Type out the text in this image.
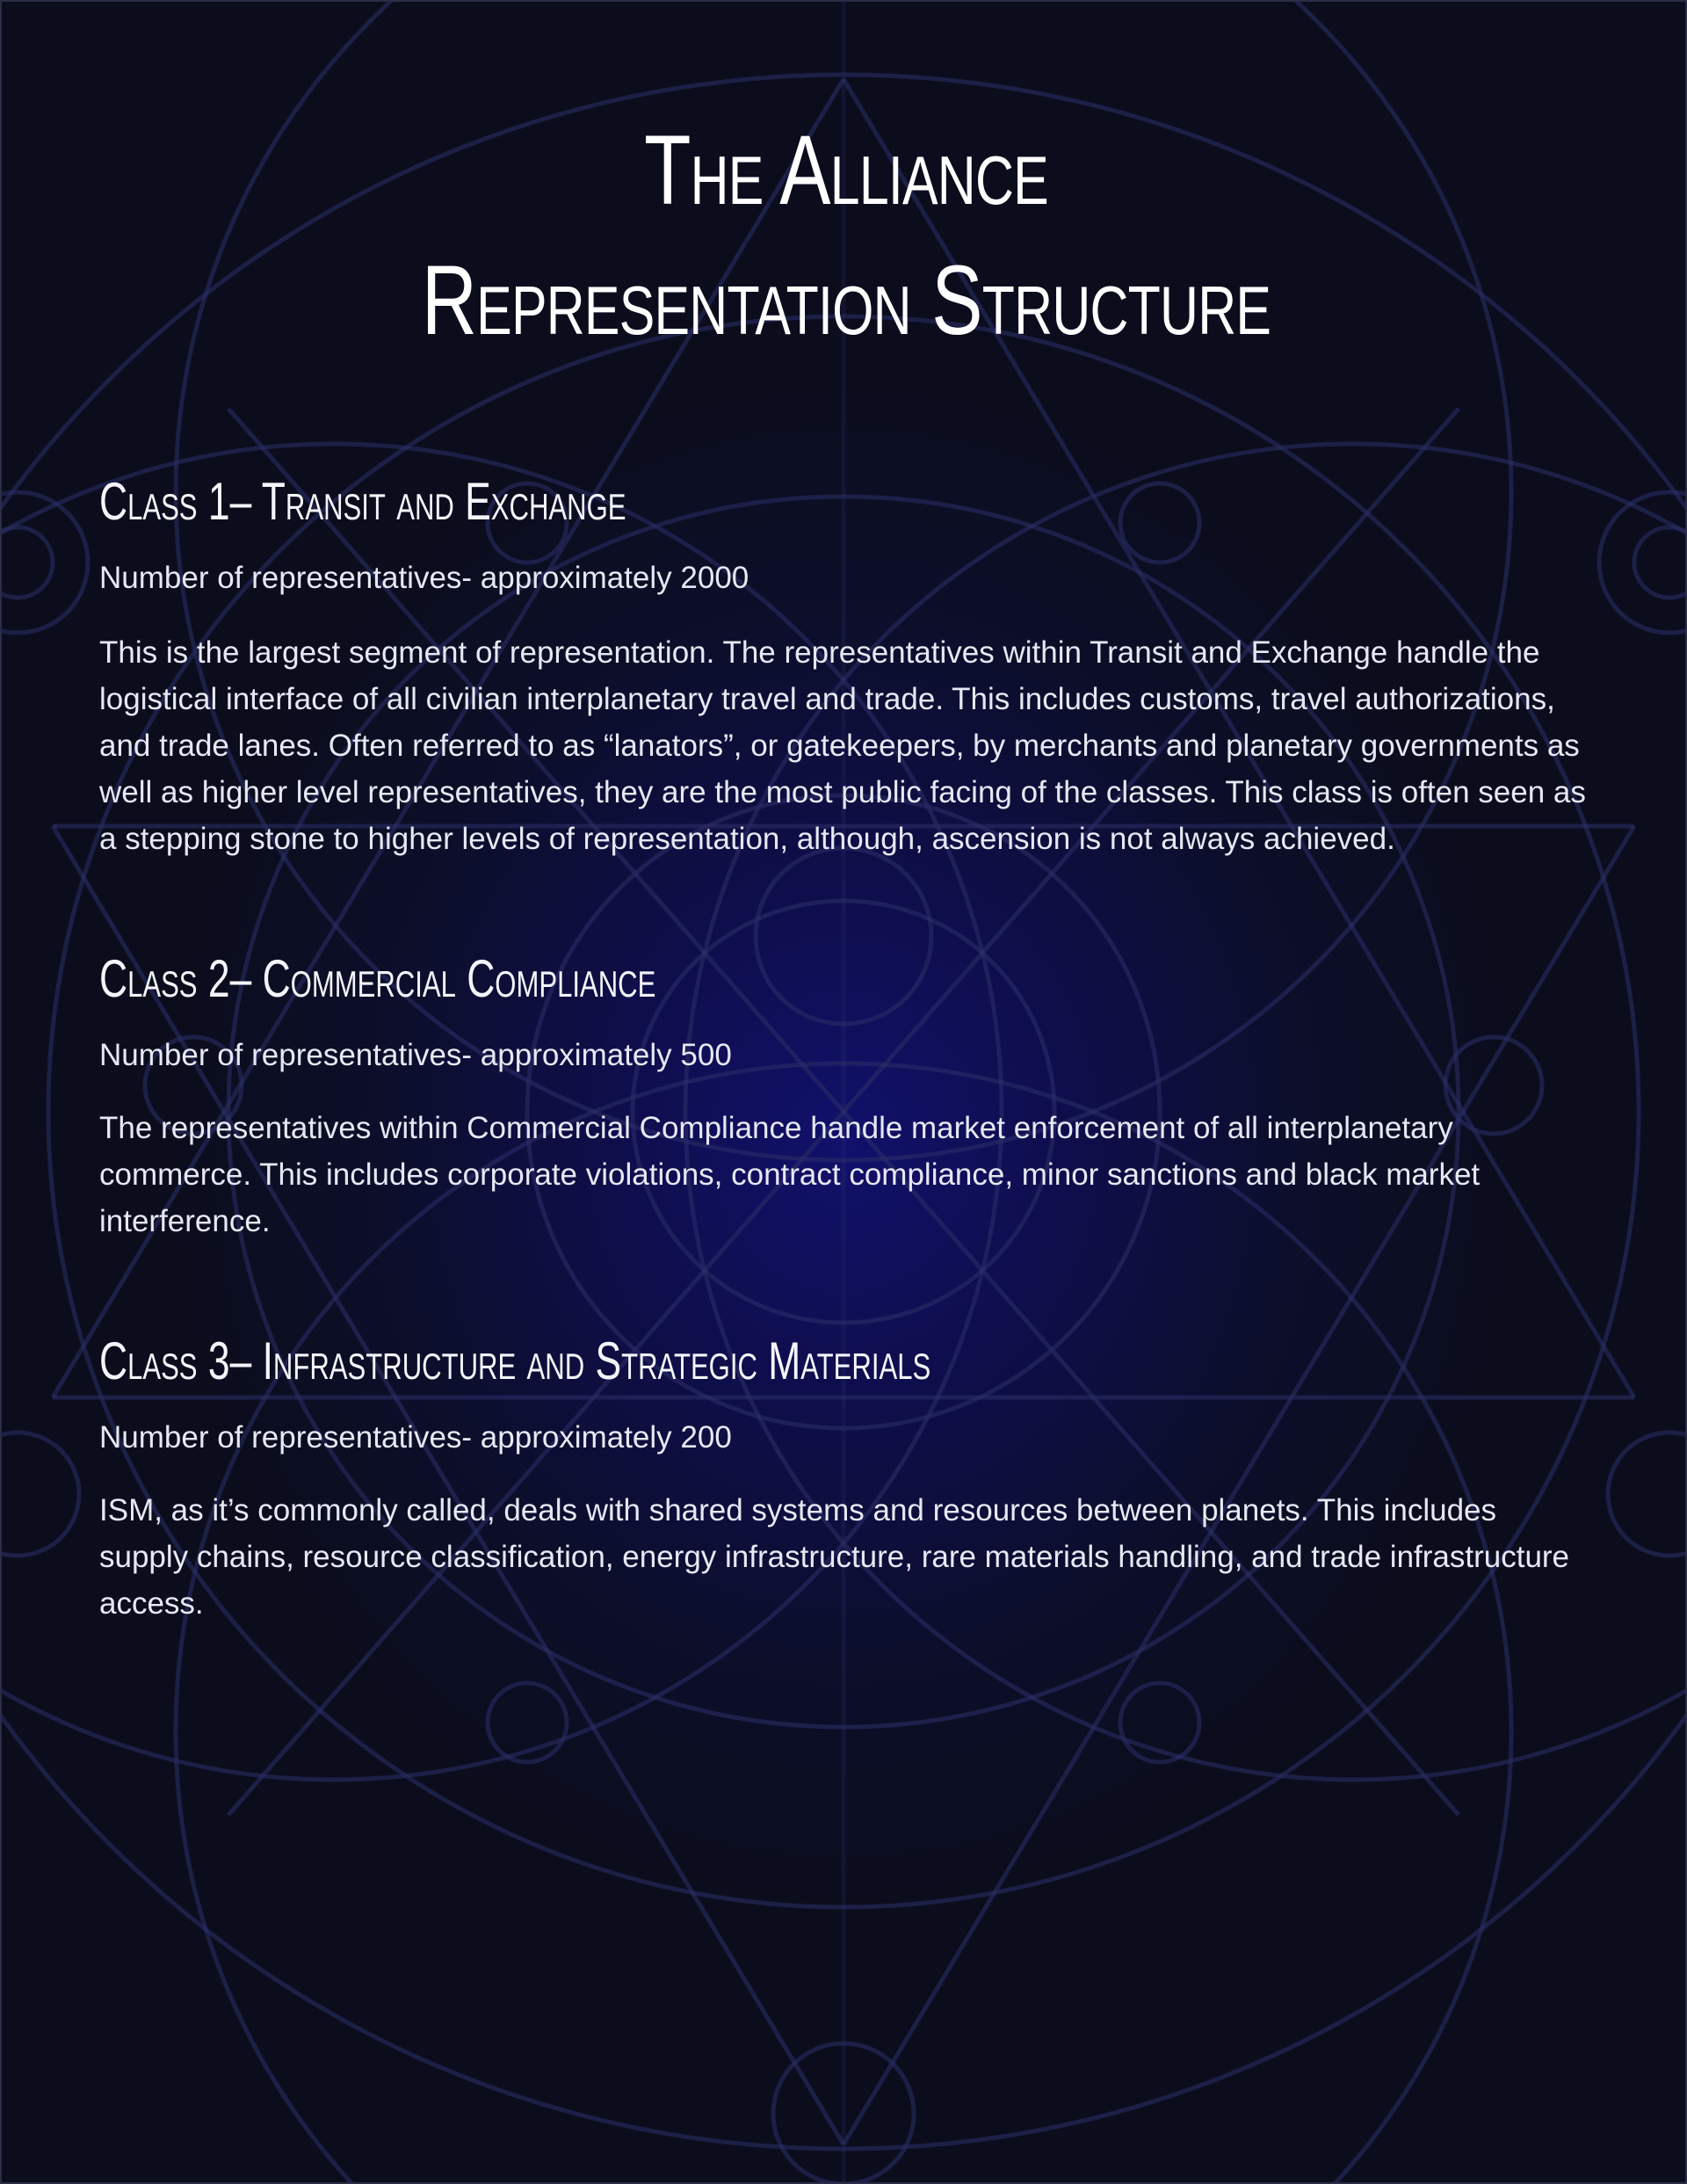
The Alliance
Representation Structure
Class 1– Transit and Exchange

Number of representatives- approximately 2000

This is the largest segment of representation. The representatives within Transit and Exchange handle the logistical interface of all civilian interplanetary travel and trade. This includes customs, travel authorizations, and trade lanes. Often referred to as “lanators”, or gatekeepers, by merchants and planetary governments as well as higher level representatives, they are the most public facing of the classes. This class is often seen as a stepping stone to higher levels of representation, although, ascension is not always achieved.

Class 2– Commercial Compliance

Number of representatives- approximately 500

The representatives within Commercial Compliance handle market enforcement of all interplanetary commerce. This includes corporate violations, contract compliance, minor sanctions and black market interference.

Class 3– Infrastructure and Strategic Materials

Number of representatives- approximately 200

ISM, as it’s commonly called, deals with shared systems and resources between planets. This includes supply chains, resource classification, energy infrastructure, rare materials handling, and trade infrastructure access.
